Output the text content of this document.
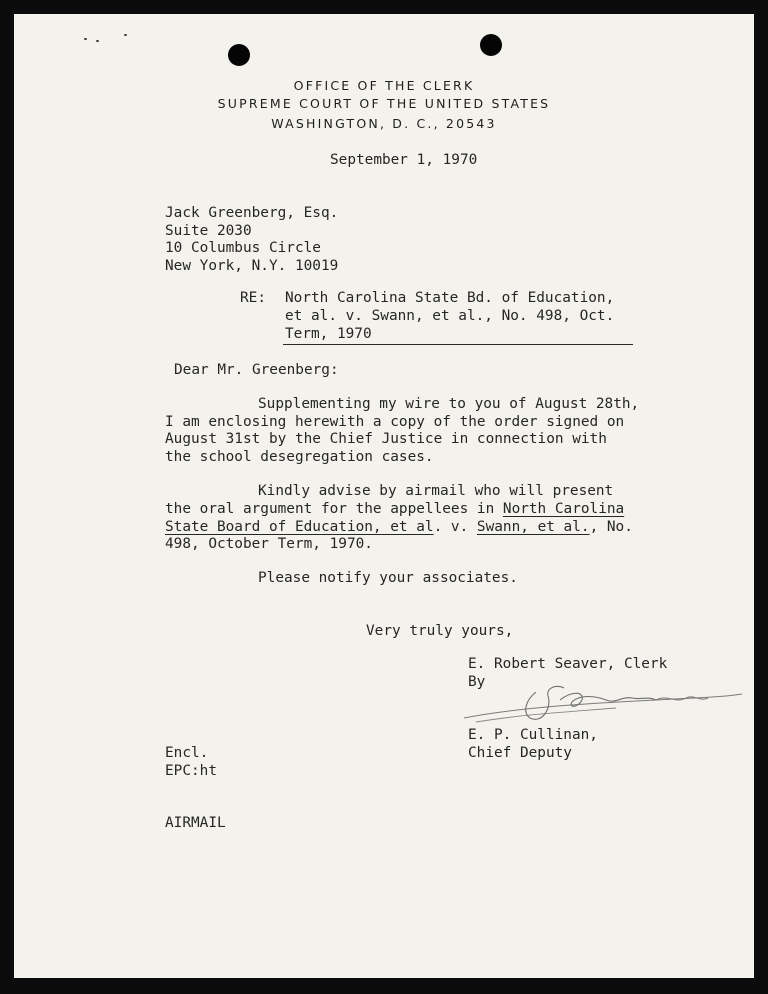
OFFICE OF THE CLERK
SUPREME COURT OF THE UNITED STATES
WASHINGTON, D. C., 20543
September 1, 1970
Jack Greenberg, Esq.
Suite 2030
10 Columbus Circle
New York, N.Y. 10019
RE: North Carolina State Bd. of Education,
et al. v. Swann, et al., No. 498, Oct.
Term, 1970
Dear Mr. Greenberg:
Supplementing my wire to you of August 28th,
I am enclosing herewith a copy of the order signed on
August 31st by the Chief Justice in connection with
the school desegregation cases.
Kindly advise by airmail who will present
the oral argument for the appellees in North Carolina
State Board of Education, et al. v. Swann, et al., No.
498, October Term, 1970.
Please notify your associates.
Very truly yours,
E. Robert Seaver, Clerk
By
E. P. Cullinan,
Chief Deputy
Encl.
EPC:ht
AIRMAIL
